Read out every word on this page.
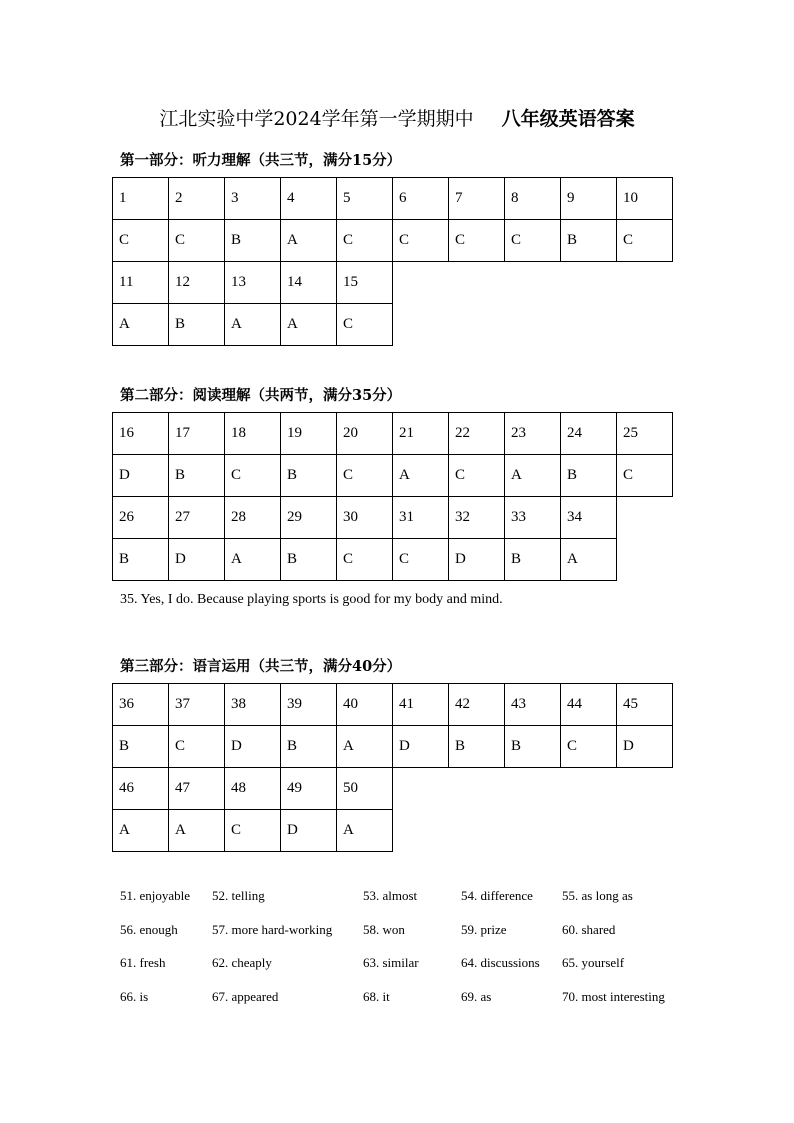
江北实验中学2024学年第一学期期中 八年级英语答案
第一部分：听力理解（共三节，满分15分）
1	2	3	4	5	6	7	8	9	10
C	C	B	A	C	C	C	C	B	C
11	12	13	14	15					
A	B	A	A	C					
第二部分：阅读理解（共两节，满分35分）
16	17	18	19	20	21	22	23	24	25
D	B	C	B	C	A	C	A	B	C
26	27	28	29	30	31	32	33	34	
B	D	A	B	C	C	D	B	A	
35. Yes, I do. Because playing sports is good for my body and mind.
第三部分：语言运用（共三节，满分40分）
36	37	38	39	40	41	42	43	44	45
B	C	D	B	A	D	B	B	C	D
46	47	48	49	50					
A	A	C	D	A					
51. enjoyable 52. telling	53. almost	54. difference 55. as long as
56. enough	57. more hard-working 58. won	59. prize	60. shared
61. fresh	62. cheaply	63. similar	64. discussions 65. yourself
66. is	67. appeared	68. it	69. as	70. most interesting
